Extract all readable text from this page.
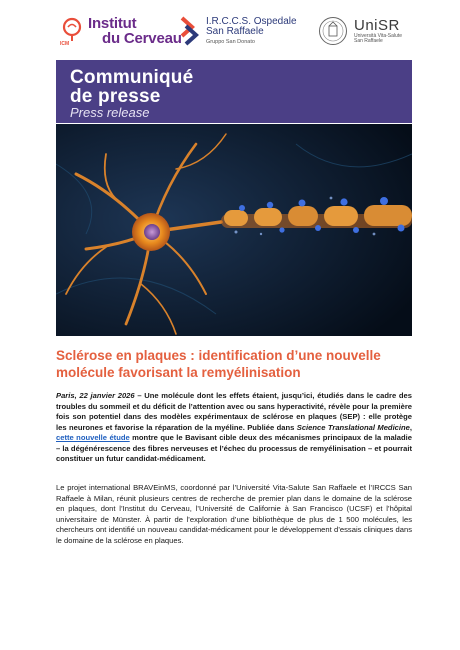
Institut
du Cerveau
ICM
I.R.C.C.S. Ospedale
San Raffaele
Gruppo San Donato
UniSR
Università Vita-Salute
San Raffaele
Communiqué
de presse
Press release
Sclérose en plaques : identification d’une nouvelle molécule favorisant la remyélinisation
Paris, 22 janvier 2026 – Une molécule dont les effets étaient, jusqu’ici, étudiés dans le cadre des troubles du sommeil et du déficit de l’attention avec ou sans hyperactivité, révèle pour la première fois son potentiel dans des modèles expérimentaux de sclérose en plaques (SEP) : elle protège les neurones et favorise la réparation de la myéline. Publiée dans Science Translational Medicine, cette nouvelle étude montre que le Bavisant cible deux des mécanismes principaux de la maladie – la dégénérescence des fibres nerveuses et l’échec du processus de remyélinisation – et pourrait constituer un futur candidat-médicament.
Le projet international BRAVEinMS, coordonné par l’Université Vita-Salute San Raffaele et l’IRCCS San Raffaele à Milan, réunit plusieurs centres de recherche de premier plan dans le domaine de la sclérose en plaques, dont l’Institut du Cerveau, l’Université de Californie à San Francisco (UCSF) et l’hôpital universitaire de Münster. À partir de l’exploration d’une bibliothèque de plus de 1 500 molécules, les chercheurs ont identifié un nouveau candidat-médicament pour le développement d’essais cliniques dans le domaine de la sclérose en plaques.
